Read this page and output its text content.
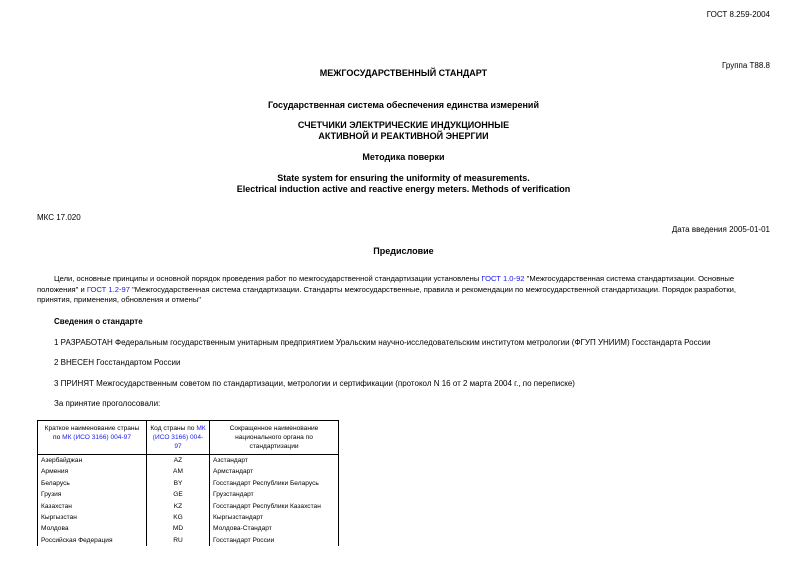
ГОСТ 8.259-2004
МЕЖГОСУДАРСТВЕННЫЙ СТАНДАРТ
Группа Т88.8
Государственная система обеспечения единства измерений
СЧЕТЧИКИ ЭЛЕКТРИЧЕСКИЕ ИНДУКЦИОННЫЕ
АКТИВНОЙ И РЕАКТИВНОЙ ЭНЕРГИИ
Методика поверки
State system for ensuring the uniformity of measurements.
Electrical induction active and reactive energy meters. Methods of verification
МКС 17.020
Дата введения 2005-01-01
Предисловие

Цели, основные принципы и основной порядок проведения работ по межгосударственной стандартизации установлены ГОСТ 1.0-92 "Межгосударственная система стандартизации. Основные положения" и ГОСТ 1.2-97 "Межгосударственная система стандартизации. Стандарты межгосударственные, правила и рекомендации по межгосударственной стандартизации. Порядок разработки, принятия, применения, обновления и отмены"

Сведения о стандарте
1 РАЗРАБОТАН Федеральным государственным унитарным предприятием Уральским научно-исследовательским институтом метрологии (ФГУП УНИИМ) Госстандарта России
2 ВНЕСЕН Госстандартом России
3 ПРИНЯТ Межгосударственным советом по стандартизации, метрологии и сертификации (протокол N 16 от 2 марта 2004 г., по переписке)
За принятие проголосовали:
Краткое наименование страны по МК (ИСО 3166) 004-97	Код страны по МК (ИСО 3166) 004-97	Сокращенное наименование национального органа по стандартизации
Азербайджан	AZ	Азстандарт
Армения	AM	Армстандарт
Беларусь	BY	Госстандарт Республики Беларусь
Грузия	GE	Грузстандарт
Казахстан	KZ	Госстандарт Республики Казахстан
Кыргызстан	KG	Кыргызстандарт
Молдова	MD	Молдова-Стандарт
Российская Федерация	RU	Госстандарт России
